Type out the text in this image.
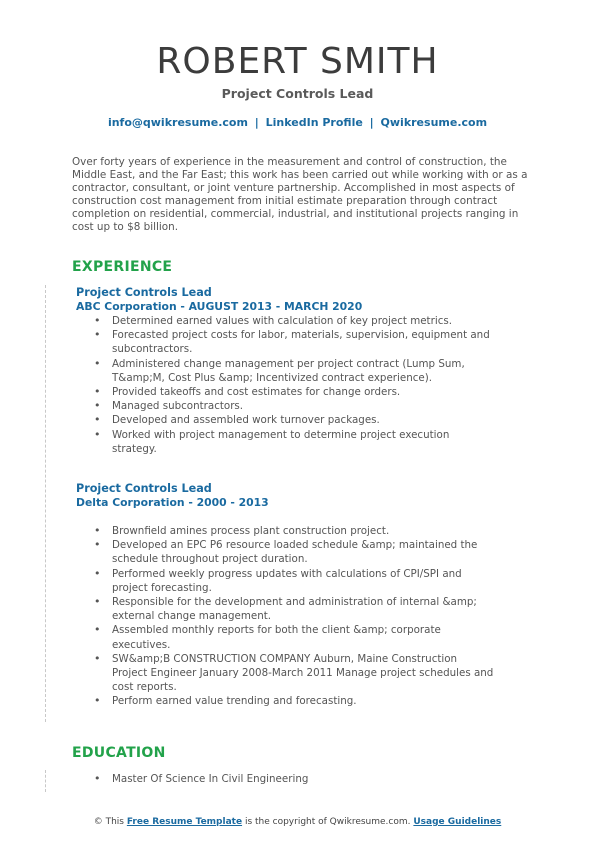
ROBERT SMITH
Project Controls Lead
info@qwikresume.com | LinkedIn Profile | Qwikresume.com
Over forty years of experience in the measurement and control of construction, the Middle East, and the Far East; this work has been carried out while working with or as a contractor, consultant, or joint venture partnership. Accomplished in most aspects of construction cost management from initial estimate preparation through contract completion on residential, commercial, industrial, and institutional projects ranging in cost up to $8 billion.
EXPERIENCE
Project Controls Lead
ABC Corporation - AUGUST 2013 - MARCH 2020
• Determined earned values with calculation of key project metrics.
• Forecasted project costs for labor, materials, supervision, equipment and subcontractors.
• Administered change management per project contract (Lump Sum, T&amp;M, Cost Plus &amp; Incentivized contract experience).
• Provided takeoffs and cost estimates for change orders.
• Managed subcontractors.
• Developed and assembled work turnover packages.
• Worked with project management to determine project execution strategy.
Project Controls Lead
Delta Corporation - 2000 - 2013
• Brownfield amines process plant construction project.
• Developed an EPC P6 resource loaded schedule &amp; maintained the schedule throughout project duration.
• Performed weekly progress updates with calculations of CPI/SPI and project forecasting.
• Responsible for the development and administration of internal &amp; external change management.
• Assembled monthly reports for both the client &amp; corporate executives.
• SW&amp;B CONSTRUCTION COMPANY Auburn, Maine Construction Project Engineer January 2008-March 2011 Manage project schedules and cost reports.
• Perform earned value trending and forecasting.
EDUCATION
• Master Of Science In Civil Engineering
© This Free Resume Template is the copyright of Qwikresume.com. Usage Guidelines
